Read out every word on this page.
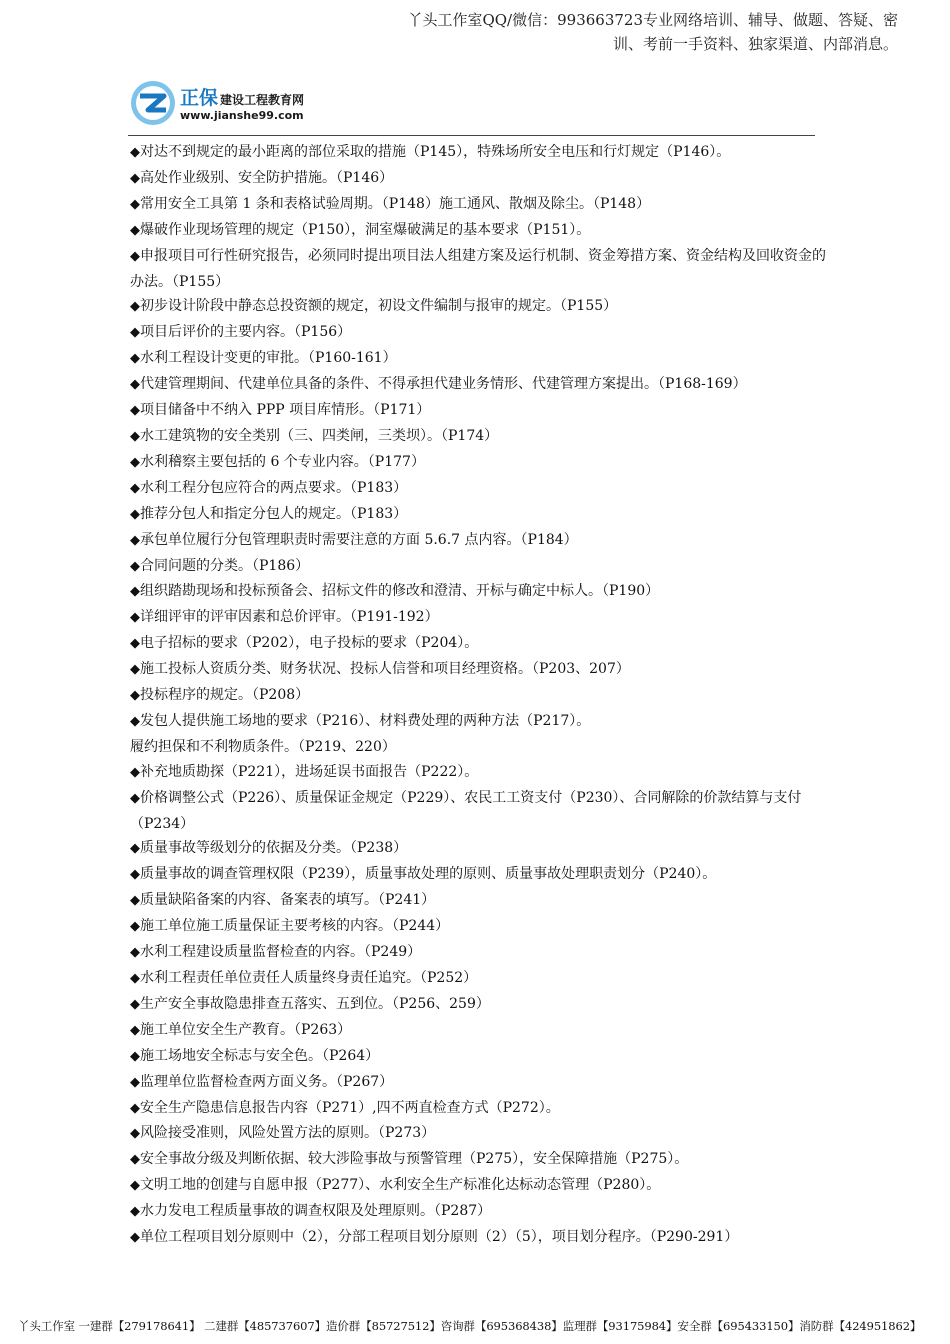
丫头工作室QQ/微信：993663723专业网络培训、辅导、做题、答疑、密训、考前一手资料、独家渠道、内部消息。
正保 建设工程教育网
www.jianshe99.com
◆对达不到规定的最小距离的部位采取的措施（P145），特殊场所安全电压和行灯规定（P146）。
◆高处作业级别、安全防护措施。（P146）
◆常用安全工具第 1 条和表格试验周期。（P148）施工通风、散烟及除尘。（P148）
◆爆破作业现场管理的规定（P150），洞室爆破满足的基本要求（P151）。
◆申报项目可行性研究报告，必须同时提出项目法人组建方案及运行机制、资金筹措方案、资金结构及回收资金的办法。（P155）
◆初步设计阶段中静态总投资额的规定，初设文件编制与报审的规定。（P155）
◆项目后评价的主要内容。（P156）
◆水利工程设计变更的审批。（P160-161）
◆代建管理期间、代建单位具备的条件、不得承担代建业务情形、代建管理方案提出。（P168-169）
◆项目储备中不纳入 PPP 项目库情形。（P171）
◆水工建筑物的安全类别（三、四类闸，三类坝）。（P174）
◆水利稽察主要包括的 6 个专业内容。（P177）
◆水利工程分包应符合的两点要求。（P183）
◆推荐分包人和指定分包人的规定。（P183）
◆承包单位履行分包管理职责时需要注意的方面 5.6.7 点内容。（P184）
◆合同问题的分类。（P186）
◆组织踏勘现场和投标预备会、招标文件的修改和澄清、开标与确定中标人。（P190）
◆详细评审的评审因素和总价评审。（P191-192）
◆电子招标的要求（P202），电子投标的要求（P204）。
◆施工投标人资质分类、财务状况、投标人信誉和项目经理资格。（P203、207）
◆投标程序的规定。（P208）
◆发包人提供施工场地的要求（P216）、材料费处理的两种方法（P217）。
履约担保和不利物质条件。（P219、220）
◆补充地质勘探（P221），进场延误书面报告（P222）。
◆价格调整公式（P226）、质量保证金规定（P229）、农民工工资支付（P230）、合同解除的价款结算与支付（P234）
◆质量事故等级划分的依据及分类。（P238）
◆质量事故的调查管理权限（P239），质量事故处理的原则、质量事故处理职责划分（P240）。
◆质量缺陷备案的内容、备案表的填写。（P241）
◆施工单位施工质量保证主要考核的内容。（P244）
◆水利工程建设质量监督检查的内容。（P249）
◆水利工程责任单位责任人质量终身责任追究。（P252）
◆生产安全事故隐患排查五落实、五到位。（P256、259）
◆施工单位安全生产教育。（P263）
◆施工场地安全标志与安全色。（P264）
◆监理单位监督检查两方面义务。（P267）
◆安全生产隐患信息报告内容（P271）,四不两直检查方式（P272）。
◆风险接受准则，风险处置方法的原则。（P273）
◆安全事故分级及判断依据、较大涉险事故与预警管理（P275），安全保障措施（P275）。
◆文明工地的创建与自愿申报（P277）、水利安全生产标准化达标动态管理（P280）。
◆水力发电工程质量事故的调查权限及处理原则。（P287）
◆单位工程项目划分原则中（2），分部工程项目划分原则（2）（5），项目划分程序。（P290-291）
丫头工作室 一建群【279178641】 二建群【485737607】造价群【85727512】咨询群【695368438】监理群【93175984】安全群【695433150】消防群【424951862】
